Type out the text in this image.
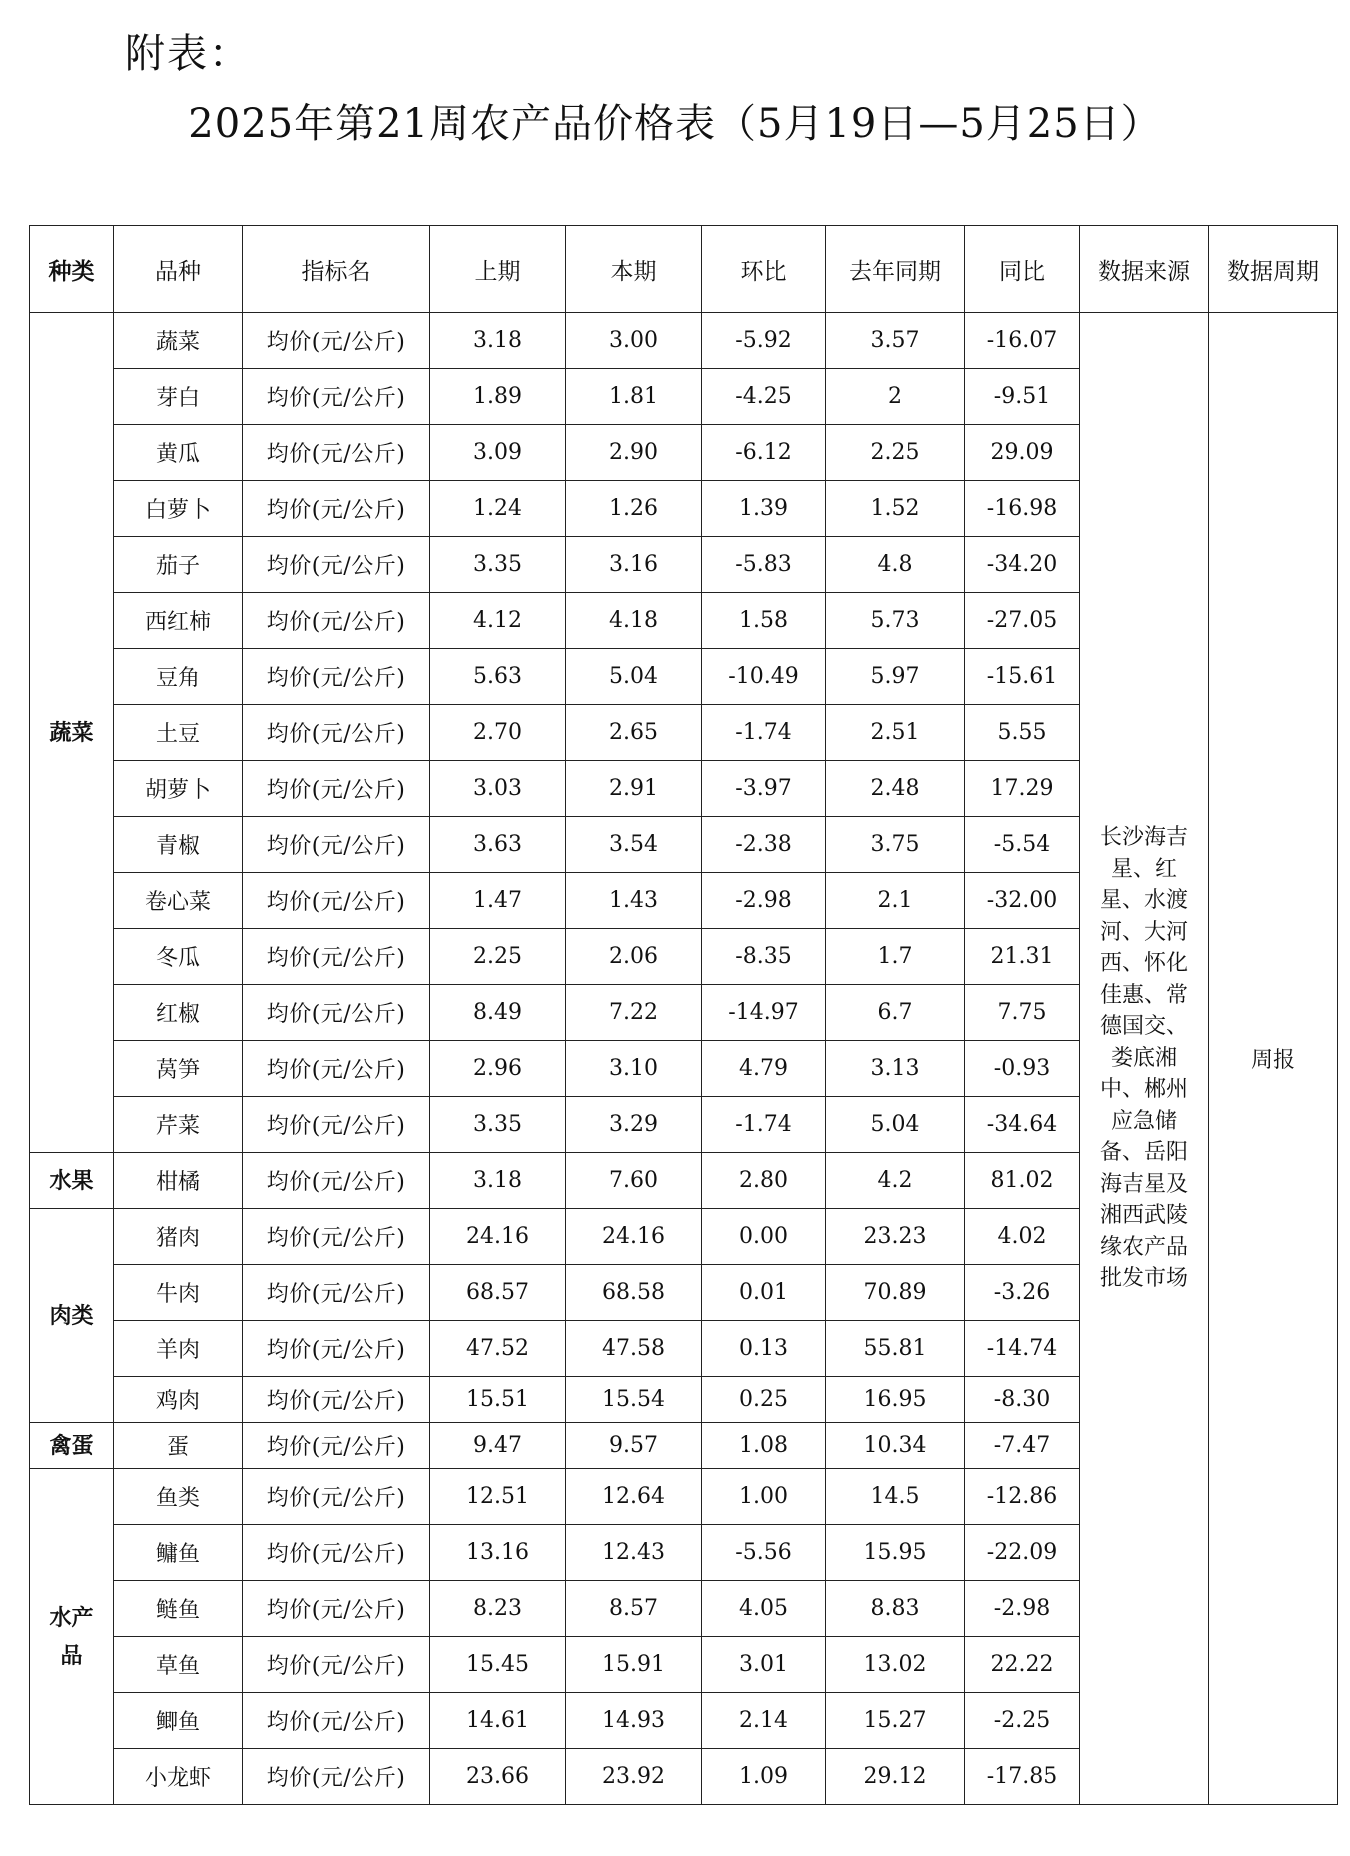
附表：
2025年第21周农产品价格表（5月19日—5月25日）
种类	品种	指标名	上期	本期	环比	去年同期	同比	数据来源	数据周期
蔬菜	蔬菜	均价(元/公斤)	3.18	3.00	-5.92	3.57	-16.07	长沙海吉星、红星、水渡河、大河西、怀化佳惠、常德国交、娄底湘中、郴州应急储备、岳阳海吉星及湘西武陵缘农产品批发市场	周报
	芽白	均价(元/公斤)	1.89	1.81	-4.25	2	-9.51		
	黄瓜	均价(元/公斤)	3.09	2.90	-6.12	2.25	29.09		
	白萝卜	均价(元/公斤)	1.24	1.26	1.39	1.52	-16.98		
	茄子	均价(元/公斤)	3.35	3.16	-5.83	4.8	-34.20		
	西红柿	均价(元/公斤)	4.12	4.18	1.58	5.73	-27.05		
	豆角	均价(元/公斤)	5.63	5.04	-10.49	5.97	-15.61		
	土豆	均价(元/公斤)	2.70	2.65	-1.74	2.51	5.55		
	胡萝卜	均价(元/公斤)	3.03	2.91	-3.97	2.48	17.29		
	青椒	均价(元/公斤)	3.63	3.54	-2.38	3.75	-5.54		
	卷心菜	均价(元/公斤)	1.47	1.43	-2.98	2.1	-32.00		
	冬瓜	均价(元/公斤)	2.25	2.06	-8.35	1.7	21.31		
	红椒	均价(元/公斤)	8.49	7.22	-14.97	6.7	7.75		
	莴笋	均价(元/公斤)	2.96	3.10	4.79	3.13	-0.93		
	芹菜	均价(元/公斤)	3.35	3.29	-1.74	5.04	-34.64		
水果	柑橘	均价(元/公斤)	3.18	7.60	2.80	4.2	81.02		
肉类	猪肉	均价(元/公斤)	24.16	24.16	0.00	23.23	4.02		
	牛肉	均价(元/公斤)	68.57	68.58	0.01	70.89	-3.26		
	羊肉	均价(元/公斤)	47.52	47.58	0.13	55.81	-14.74		
	鸡肉	均价(元/公斤)	15.51	15.54	0.25	16.95	-8.30		
禽蛋	蛋	均价(元/公斤)	9.47	9.57	1.08	10.34	-7.47		
水产品	鱼类	均价(元/公斤)	12.51	12.64	1.00	14.5	-12.86		
	鳙鱼	均价(元/公斤)	13.16	12.43	-5.56	15.95	-22.09		
	鲢鱼	均价(元/公斤)	8.23	8.57	4.05	8.83	-2.98		
	草鱼	均价(元/公斤)	15.45	15.91	3.01	13.02	22.22		
	鲫鱼	均价(元/公斤)	14.61	14.93	2.14	15.27	-2.25		
	小龙虾	均价(元/公斤)	23.66	23.92	1.09	29.12	-17.85		
